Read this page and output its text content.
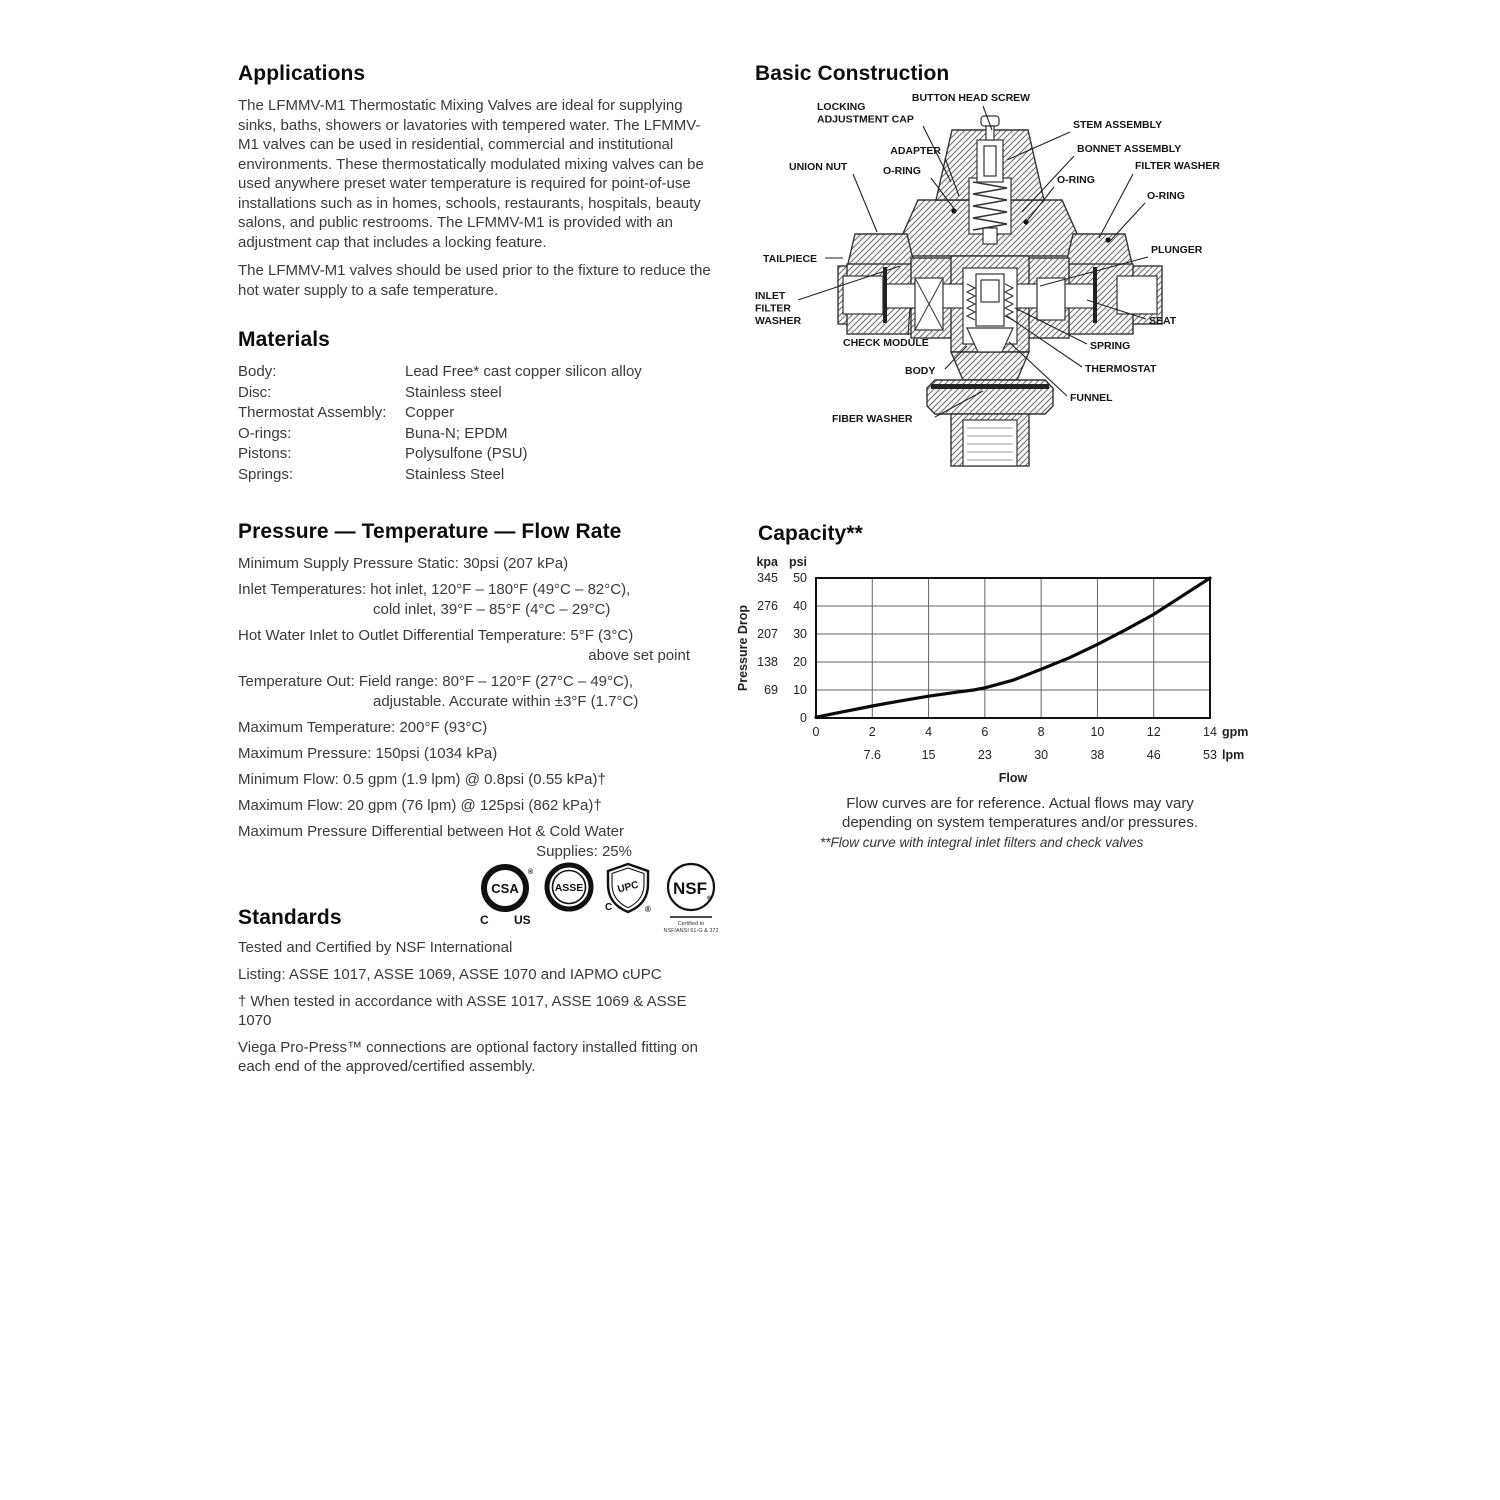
Applications

The LFMMV-M1 Thermostatic Mixing Valves are ideal for supplying sinks, baths, showers or lavatories with tempered water. The LFMMV-M1 valves can be used in residential, commercial and institutional environments. These thermostatically modulated mixing valves can be used anywhere preset water temperature is required for point-of-use installations such as in homes, schools, restaurants, hospitals, beauty salons, and public restrooms. The LFMMV-M1 is provided with an adjustment cap that includes a locking feature.

The LFMMV-M1 valves should be used prior to the fixture to reduce the hot water supply to a safe temperature.

Materials
Body:	Lead Free* cast copper silicon alloy
Disc:	Stainless steel
Thermostat Assembly:	Copper
O-rings:	Buna-N; EPDM
Pistons:	Polysulfone (PSU)
Springs:	Stainless Steel
Pressure — Temperature — Flow Rate
Minimum Supply Pressure Static: 30psi (207 kPa)
Inlet Temperatures: hot inlet, 120°F – 180°F (49°C – 82°C),
cold inlet, 39°F – 85°F (4°C – 29°C)
Hot Water Inlet to Outlet Differential Temperature: 5°F (3°C)
above set point
Temperature Out: Field range: 80°F – 120°F (27°C – 49°C),
adjustable. Accurate within ±3°F (1.7°C)
Maximum Temperature: 200°F (93°C)
Maximum Pressure: 150psi (1034 kPa)
Minimum Flow: 0.5 gpm (1.9 lpm) @ 0.8psi (0.55 kPa)†
Maximum Flow: 20 gpm (76 lpm) @ 125psi (862 kPa)†
Maximum Pressure Differential between Hot & Cold Water
Supplies: 25%
CSA
®
C US
ASSE	UPC
C	®
NSF
®
Certified to
NSF/ANSI 61-G & 372
Standards

Tested and Certified by NSF International

Listing: ASSE 1017, ASSE 1069, ASSE 1070 and IAPMO cUPC

† When tested in accordance with ASSE 1017, ASSE 1069 & ASSE 1070

Viega Pro-Press™ connections are optional factory installed fitting on each end of the approved/certified assembly.

Basic Construction
BUTTON HEAD SCREW
LOCKING ADJUSTMENT CAP	STEM ASSEMBLY
ADAPTER	BONNET ASSEMBLY
UNION NUT	O-RING
O-RING
FILTER WASHER
O-RING
PLUNGER
TAILPIECE
INLET FILTER WASHER
CHECK MODULE
SEAT
SPRING
BODY	THERMOSTAT
FUNNEL
FIBER WASHER
Capacity**
kpa psi
0
10
20
30
40
50
69
138
207
276
345
0	2	4	6	8	10	12	14 gpm
7.6	15	23	30	38	46	53 lpm
Flow
Pressure Drop
Flow curves are for reference. Actual flows may vary
depending on system temperatures and/or pressures.
**Flow curve with integral inlet filters and check valves
